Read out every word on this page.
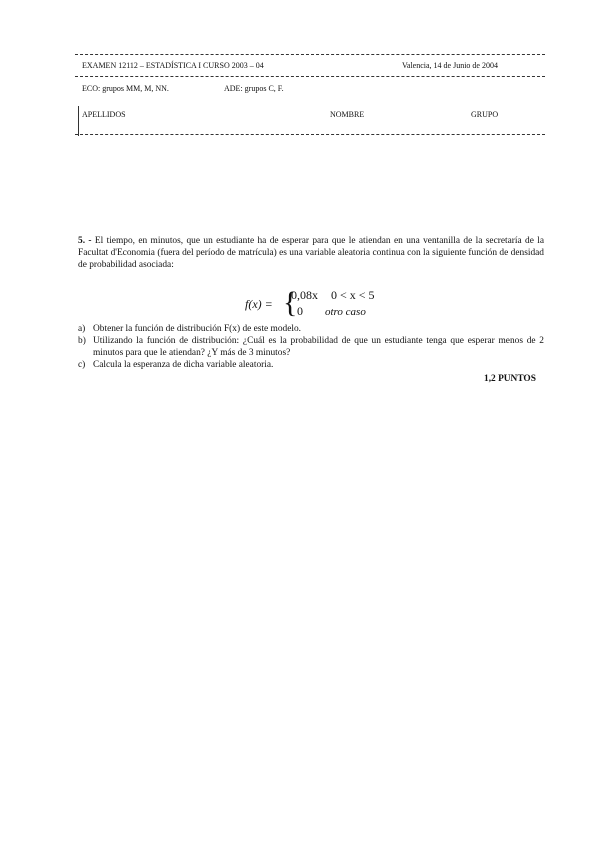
EXAMEN 12112 – ESTADÍSTICA I CURSO 2003 – 04	Valencia, 14 de Junio de 2004
ECO: grupos MM, M, NN.	ADE: grupos C, F.
APELLIDOS	NOMBRE	GRUPO
5. - El tiempo, en minutos, que un estudiante ha de esperar para que le atiendan en una ventanilla de la secretaría de la Facultat d'Economia (fuera del período de matrícula) es una variable aleatoria continua con la siguiente función de densidad de probabilidad asociada:
f(x) = {
0,08x 0 < x < 5
0 otro caso
a) Obtener la función de distribución F(x) de este modelo.
b) Utilizando la función de distribución: ¿Cuál es la probabilidad de que un estudiante tenga que esperar menos de 2 minutos para que le atiendan? ¿Y más de 3 minutos?
c) Calcula la esperanza de dicha variable aleatoria.
1,2 PUNTOS
